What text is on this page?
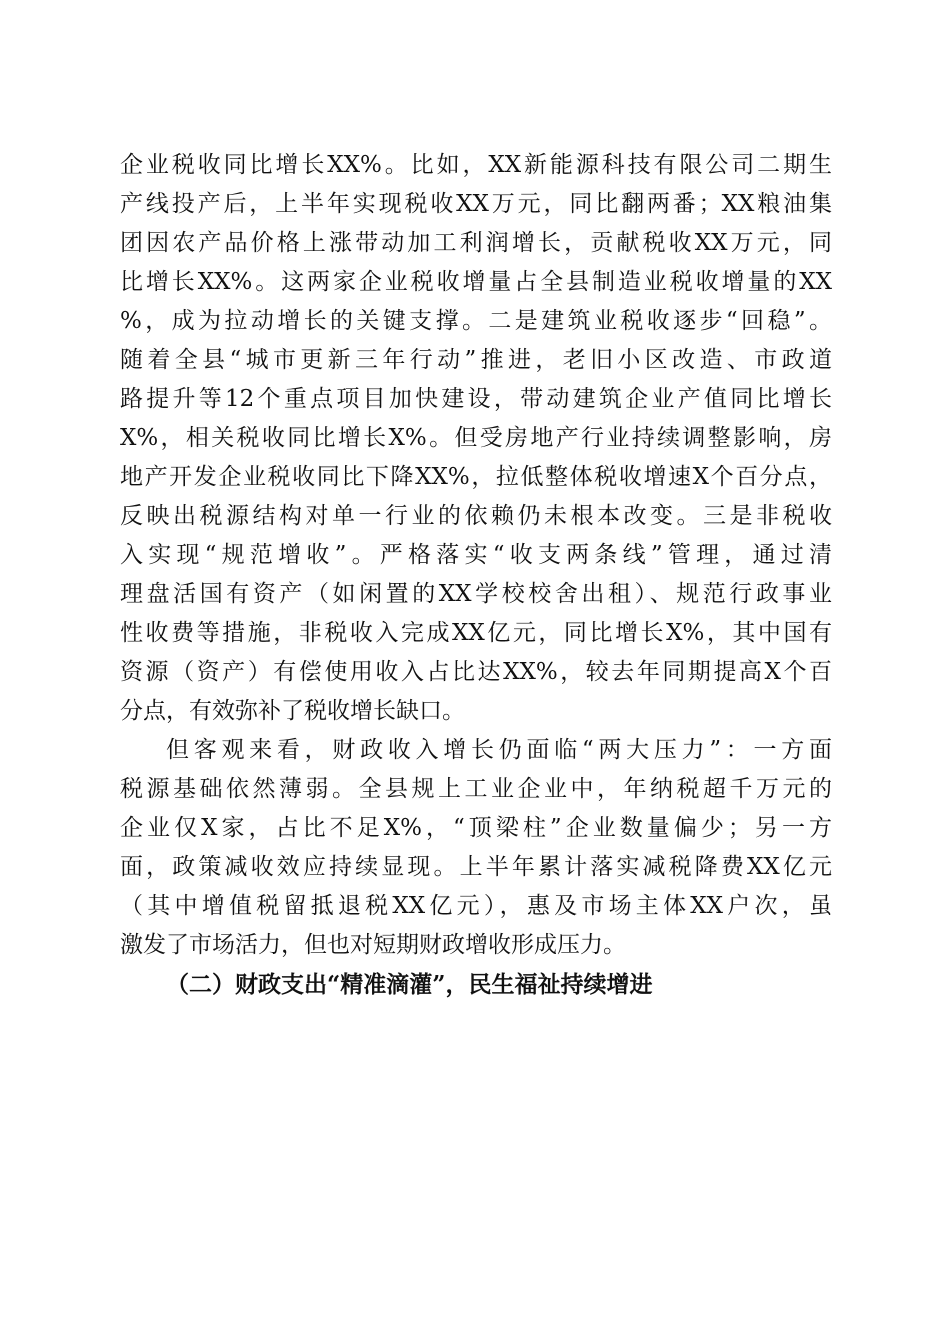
企业税收同比增长XX%。比如，XX新能源科技有限公司二期生
产线投产后，上半年实现税收XX万元，同比翻两番；XX粮油集
团因农产品价格上涨带动加工利润增长，贡献税收XX万元，同
比增长XX%。这两家企业税收增量占全县制造业税收增量的XX
%，成为拉动增长的关键支撑。二是建筑业税收逐步“回稳”。
随着全县“城市更新三年行动”推进，老旧小区改造、市政道
路提升等12个重点项目加快建设，带动建筑企业产值同比增长
X%，相关税收同比增长X%。但受房地产行业持续调整影响，房
地产开发企业税收同比下降XX%，拉低整体税收增速X个百分点，
反映出税源结构对单一行业的依赖仍未根本改变。三是非税收
入实现“规范增收”。严格落实“收支两条线”管理，通过清
理盘活国有资产（如闲置的XX学校校舍出租）、规范行政事业
性收费等措施，非税收入完成XX亿元，同比增长X%，其中国有
资源（资产）有偿使用收入占比达XX%，较去年同期提高X个百
分点，有效弥补了税收增长缺口。
但客观来看，财政收入增长仍面临“两大压力”：一方面
税源基础依然薄弱。全县规上工业企业中，年纳税超千万元的
企业仅X家，占比不足X%，“顶梁柱”企业数量偏少；另一方
面，政策减收效应持续显现。上半年累计落实减税降费XX亿元
（其中增值税留抵退税XX亿元），惠及市场主体XX户次，虽
激发了市场活力，但也对短期财政增收形成压力。
（二）财政支出“精准滴灌”，民生福祉持续增进
